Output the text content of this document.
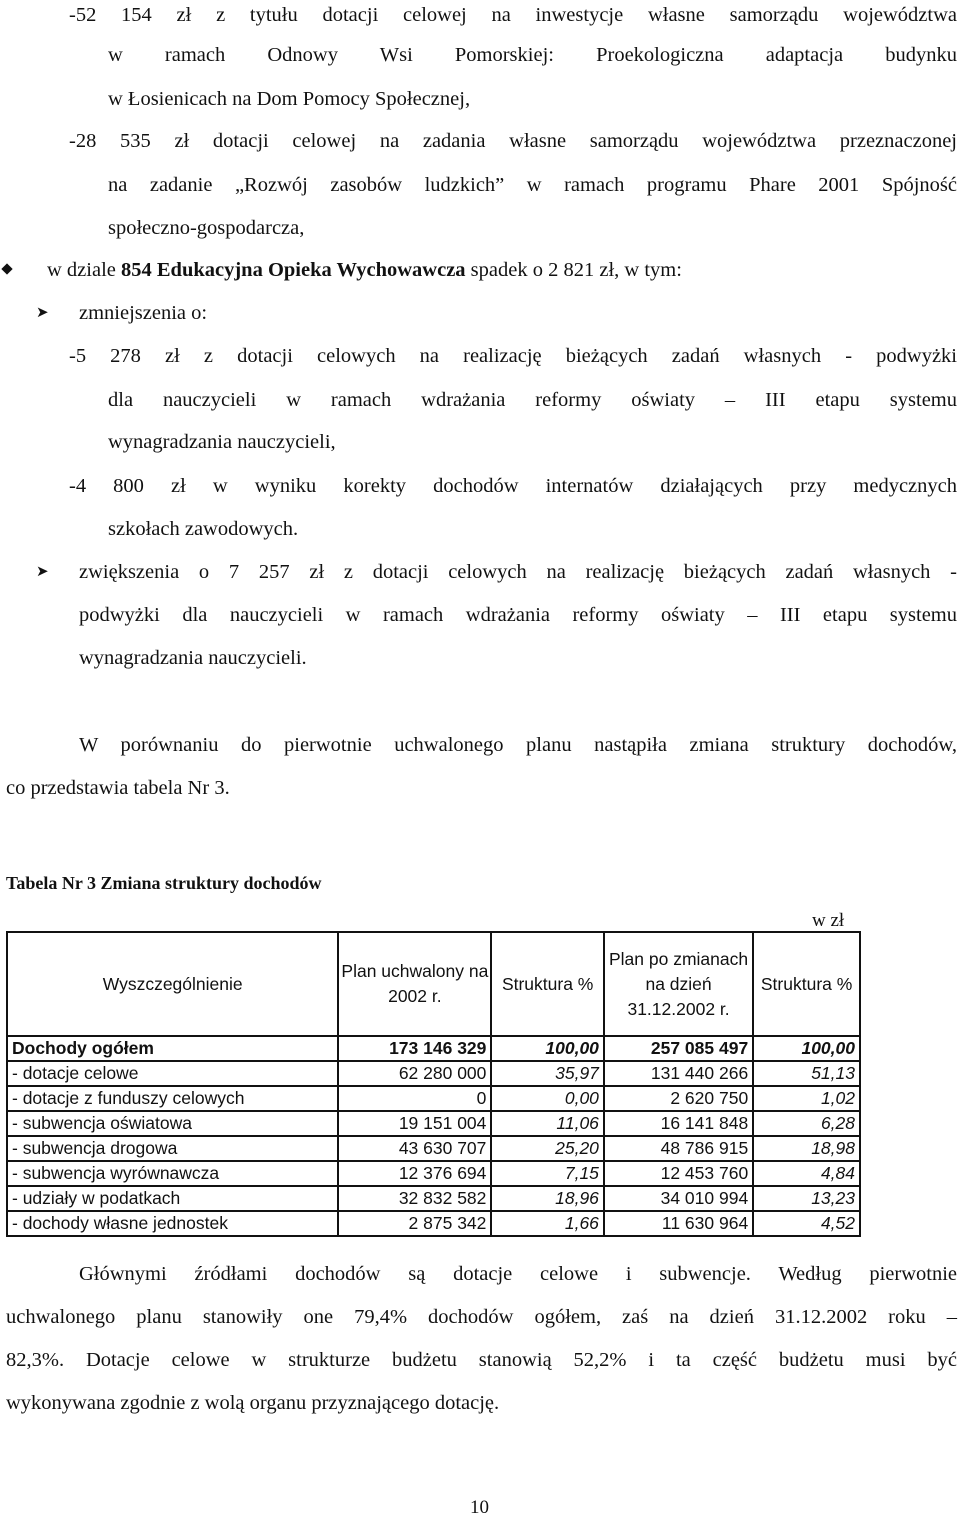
-52 154 zł z tytułu dotacji celowej na inwestycje własne samorządu województwa
w ramach Odnowy Wsi Pomorskiej: Proekologiczna adaptacja budynku
w Łosienicach na Dom Pomocy Społecznej,
-28 535 zł dotacji celowej na zadania własne samorządu województwa przeznaczonej
na zadanie „Rozwój zasobów ludzkich” w ramach programu Phare 2001 Spójność
społeczno-gospodarcza,
w dziale 854 Edukacyjna Opieka Wychowawcza spadek o 2 821 zł, w tym:
➤ zmniejszenia o:
-5 278 zł z dotacji celowych na realizację bieżących zadań własnych - podwyżki
dla nauczycieli w ramach wdrażania reformy oświaty – III etapu systemu
wynagradzania nauczycieli,
-4 800 zł w wyniku korekty dochodów internatów działających przy medycznych
szkołach zawodowych.
➤ zwiększenia o 7 257 zł z dotacji celowych na realizację bieżących zadań własnych -
podwyżki dla nauczycieli w ramach wdrażania reformy oświaty – III etapu systemu
wynagradzania nauczycieli.
W porównaniu do pierwotnie uchwalonego planu nastąpiła zmiana struktury dochodów,
co przedstawia tabela Nr 3.
Tabela Nr 3 Zmiana struktury dochodów
w zł
Wyszczególnienie	Plan uchwalony na 2002 r.	Struktura %	Plan po zmianach na dzień 31.12.2002 r.	Struktura %
Dochody ogółem	173 146 329	100,00	257 085 497	100,00
- dotacje celowe	62 280 000	35,97	131 440 266	51,13
- dotacje z funduszy celowych	0	0,00	2 620 750	1,02
- subwencja oświatowa	19 151 004	11,06	16 141 848	6,28
- subwencja drogowa	43 630 707	25,20	48 786 915	18,98
- subwencja wyrównawcza	12 376 694	7,15	12 453 760	4,84
- udziały w podatkach	32 832 582	18,96	34 010 994	13,23
- dochody własne jednostek	2 875 342	1,66	11 630 964	4,52
Głównymi źródłami dochodów są dotacje celowe i subwencje. Według pierwotnie
uchwalonego planu stanowiły one 79,4% dochodów ogółem, zaś na dzień 31.12.2002 roku –
82,3%. Dotacje celowe w strukturze budżetu stanowią 52,2% i ta część budżetu musi być
wykonywana zgodnie z wolą organu przyznającego dotację.
10
